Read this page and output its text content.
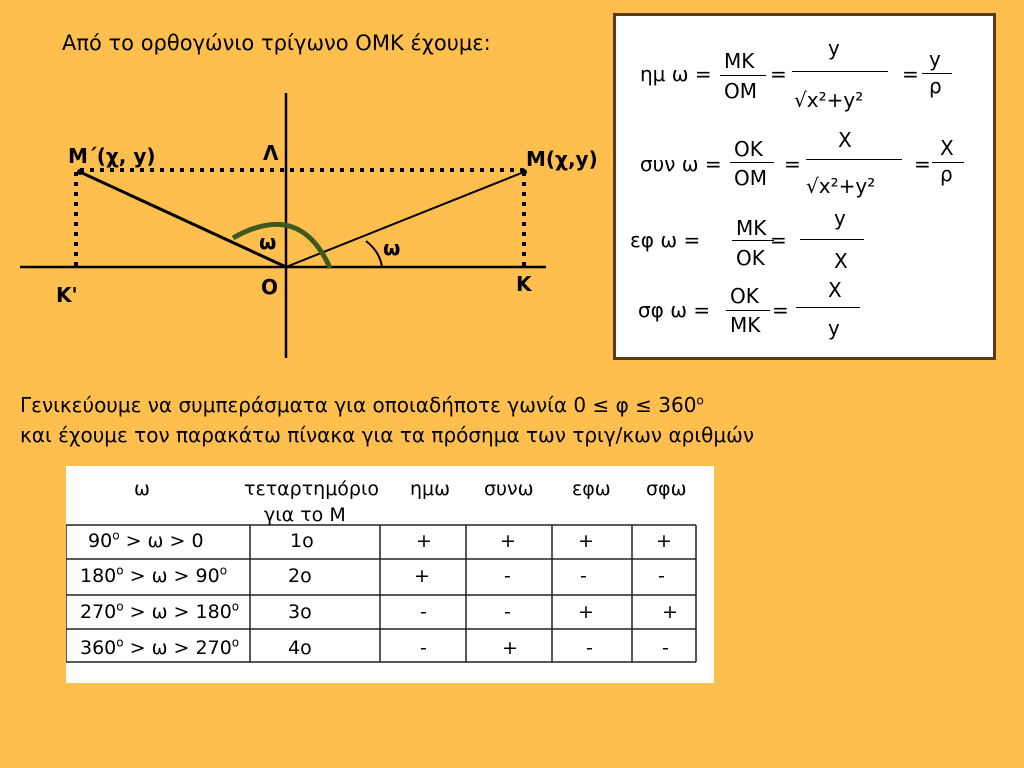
Από το ορθογώνιο τρίγωνο ΟΜΚ έχουμε:
Μ΄(χ, y)	Μ(χ,y)
Λ
Ο	Κ
Κ'
ω	ω
ημ ω =
ΜΚ
ΟΜ
=
y
√x²+y²
=
y
ρ
συν ω =
ΟΚ
ΟΜ
=
Χ
√x²+y²
=
Χ
ρ
εφ ω = ΜΚ
ΟΚ
=
y
Χ
σφ ω =
ΟΚ
ΜΚ
=
Χ
y
Γενικεύουμε να συμπεράσματα για οποιαδήποτε γωνία $0 \le \varphi \le 360^o$
και έχουμε τον παρακάτω πίνακα για τα πρόσημα των τριγ/κων αριθμών
ω	τεταρτημόριο
για το Μ
ημω συνω εφω σφω
$90^o > \omega > 0$	1ο	+	+	+	+
$180^o > \omega > 90^o$	2ο	+	-	-	-
$270^o > \omega > 180^o$	3ο	-	-	+	+
$360^o > \omega > 270^o$	4ο	-	+	-	-
